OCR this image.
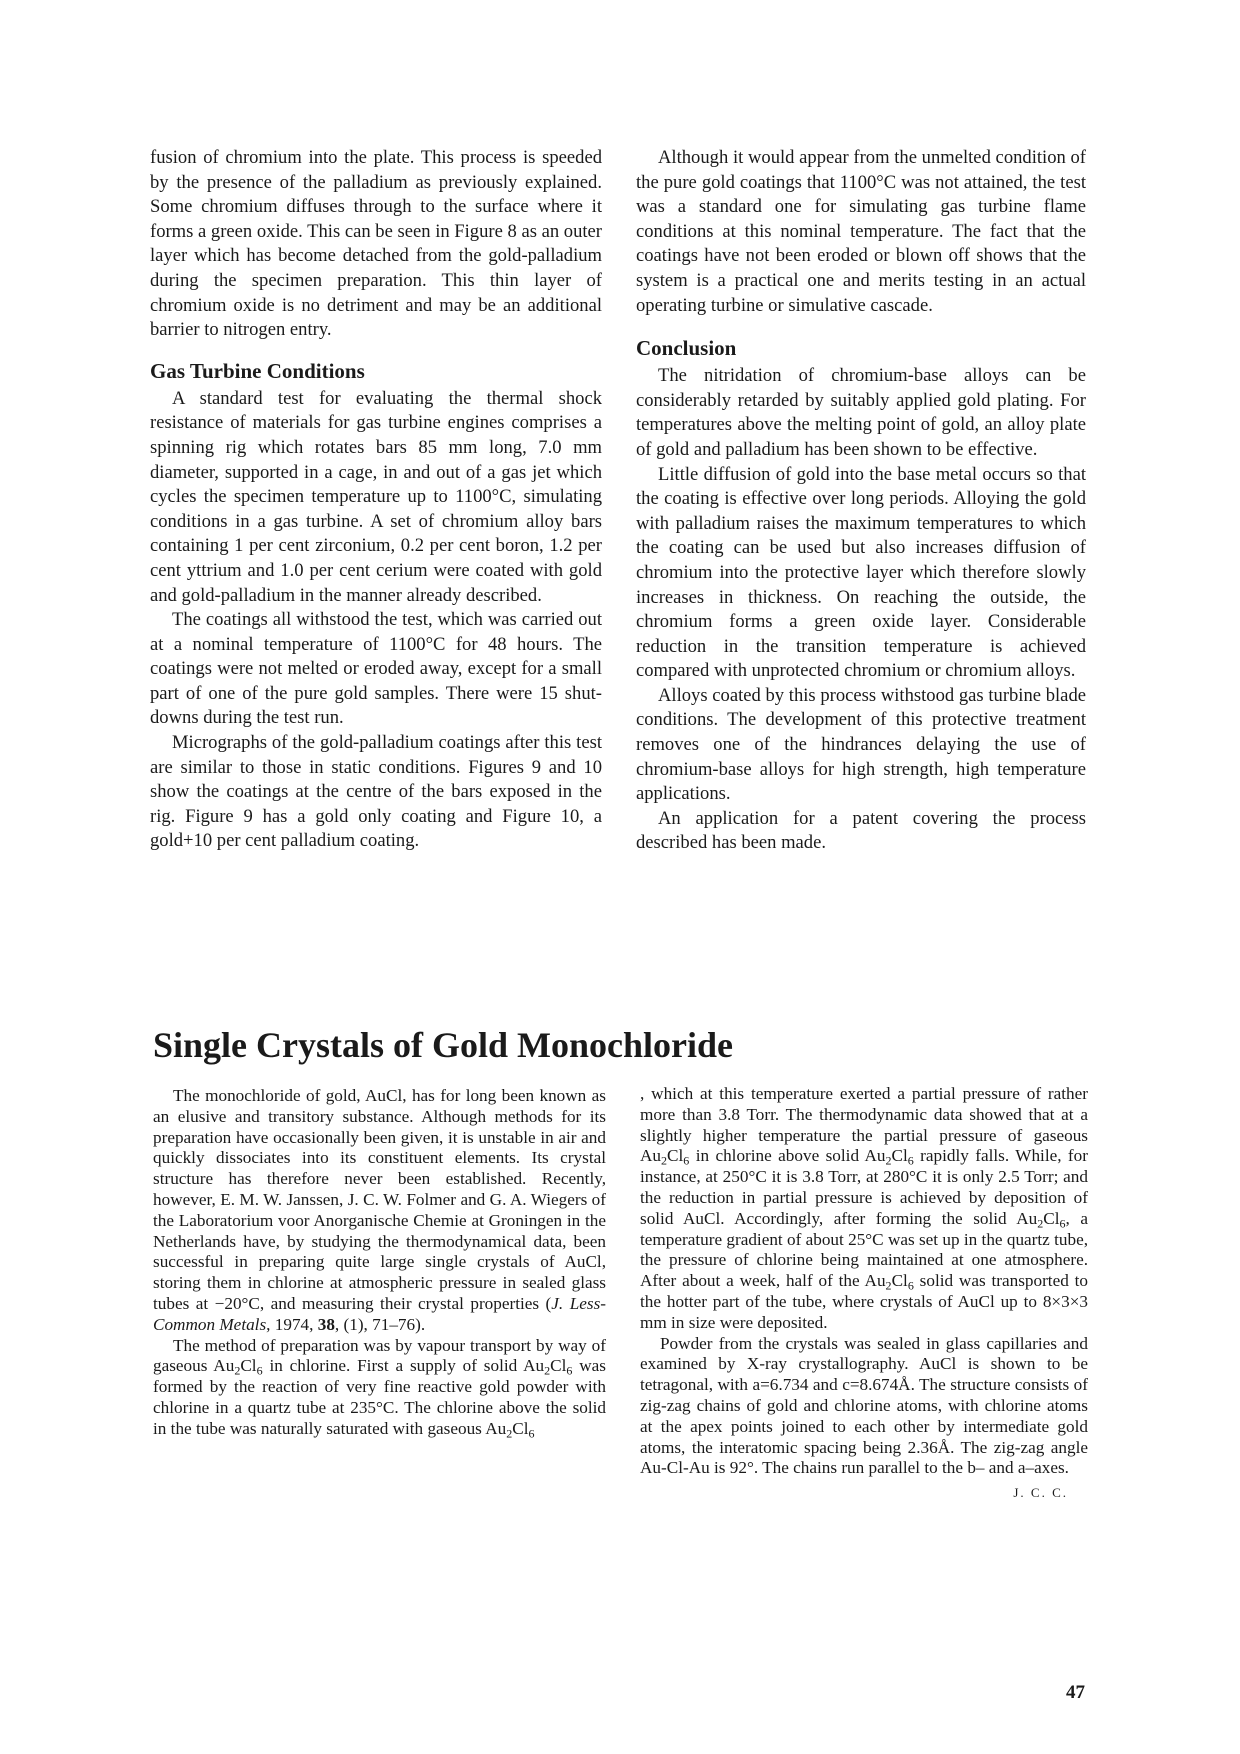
fusion of chromium into the plate. This process is speeded by the presence of the palladium as previously explained. Some chromium diffuses through to the surface where it forms a green oxide. This can be seen in Figure 8 as an outer layer which has become detached from the gold-palladium during the specimen preparation. This thin layer of chromium oxide is no detriment and may be an additional barrier to nitrogen entry.

Gas Turbine Conditions

A standard test for evaluating the thermal shock resistance of materials for gas turbine engines comprises a spinning rig which rotates bars 85 mm long, 7.0 mm diameter, supported in a cage, in and out of a gas jet which cycles the specimen temperature up to 1100°C, simulating conditions in a gas turbine. A set of chromium alloy bars containing 1 per cent zirconium, 0.2 per cent boron, 1.2 per cent yttrium and 1.0 per cent cerium were coated with gold and gold-palladium in the manner already described.

The coatings all withstood the test, which was carried out at a nominal temperature of 1100°C for 48 hours. The coatings were not melted or eroded away, except for a small part of one of the pure gold samples. There were 15 shut-downs during the test run.

Micrographs of the gold-palladium coatings after this test are similar to those in static conditions. Figures 9 and 10 show the coatings at the centre of the bars exposed in the rig. Figure 9 has a gold only coating and Figure 10, a gold+10 per cent palladium coating.

Although it would appear from the unmelted condition of the pure gold coatings that 1100°C was not attained, the test was a standard one for simulating gas turbine flame conditions at this nominal temperature. The fact that the coatings have not been eroded or blown off shows that the system is a practical one and merits testing in an actual operating turbine or simulative cascade.

Conclusion

The nitridation of chromium-base alloys can be considerably retarded by suitably applied gold plating. For temperatures above the melting point of gold, an alloy plate of gold and palladium has been shown to be effective.

Little diffusion of gold into the base metal occurs so that the coating is effective over long periods. Alloying the gold with palladium raises the maximum temperatures to which the coating can be used but also increases diffusion of chromium into the protective layer which therefore slowly increases in thickness. On reaching the outside, the chromium forms a green oxide layer. Considerable reduction in the transition temperature is achieved compared with unprotected chromium or chromium alloys.

Alloys coated by this process withstood gas turbine blade conditions. The development of this protective treatment removes one of the hindrances delaying the use of chromium-base alloys for high strength, high temperature applications.

An application for a patent covering the process described has been made.

Single Crystals of Gold Monochloride

The monochloride of gold, AuCl, has for long been known as an elusive and transitory substance. Although methods for its preparation have occasionally been given, it is unstable in air and quickly dissociates into its constituent elements. Its crystal structure has therefore never been established. Recently, however, E. M. W. Janssen, J. C. W. Folmer and G. A. Wiegers of the Laboratorium voor Anorganische Chemie at Groningen in the Netherlands have, by studying the thermodynamical data, been successful in preparing quite large single crystals of AuCl, storing them in chlorine at atmospheric pressure in sealed glass tubes at −20°C, and measuring their crystal properties (J. Less-Common Metals, 1974, 38, (1), 71–76).

The method of preparation was by vapour transport by way of gaseous $Au_2Cl_6$ in chlorine. First a supply of solid $Au_2Cl_6$ was formed by the reaction of very fine reactive gold powder with chlorine in a quartz tube at 235°C. The chlorine above the solid in the tube was naturally saturated with gaseous $Au_2Cl_6$

, which at this temperature exerted a partial pressure of rather more than 3.8 Torr. The thermodynamic data showed that at a slightly higher temperature the partial pressure of gaseous $Au_2Cl_6$ in chlorine above solid $Au_2Cl_6$ rapidly falls. While, for instance, at 250°C it is 3.8 Torr, at 280°C it is only 2.5 Torr; and the reduction in partial pressure is achieved by deposition of solid AuCl. Accordingly, after forming the solid $Au_2Cl_6$, a temperature gradient of about 25°C was set up in the quartz tube, the pressure of chlorine being maintained at one atmosphere. After about a week, half of the $Au_2Cl_6$ solid was transported to the hotter part of the tube, where crystals of AuCl up to 8×3×3 mm in size were deposited.

Powder from the crystals was sealed in glass capillaries and examined by X-ray crystallography. AuCl is shown to be tetragonal, with a=6.734 and c=8.674Å. The structure consists of zig-zag chains of gold and chlorine atoms, with chlorine atoms at the apex points joined to each other by intermediate gold atoms, the interatomic spacing being 2.36Å. The zig-zag angle Au-Cl-Au is 92°. The chains run parallel to the b– and a–axes.

J. C. C.
47
